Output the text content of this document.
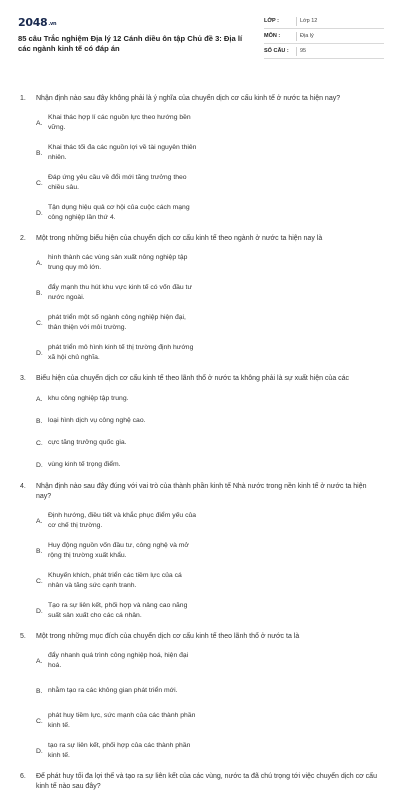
2048.vn
85 câu Trắc nghiệm Địa lý 12 Cánh diều ôn tập Chủ đề 3: Địa lí các ngành kinh tế có đáp án
LỚP :	Lớp 12
MÔN :	Địa lý
SỐ CÂU :	95
1.	Nhận định nào sau đây không phải là ý nghĩa của chuyển dịch cơ cấu kinh tế ở nước ta hiện nay?
A.
Khai thác hợp lí các nguồn lực theo hướng bền vững.
B.
Khai thác tối đa các nguồn lợi về tài nguyên thiên nhiên.
C.
Đáp ứng yêu cầu về đổi mới tăng trưởng theo chiều sâu.
D.
Tận dụng hiệu quả cơ hội của cuộc cách mạng công nghiệp lần thứ 4.
2.	Một trong những biểu hiện của chuyển dịch cơ cấu kinh tế theo ngành ở nước ta hiện nay là
A.
hình thành các vùng sản xuất nông nghiệp tập trung quy mô lớn.
B.
đẩy mạnh thu hút khu vực kinh tế có vốn đầu tư nước ngoài.
C.
phát triển một số ngành công nghiệp hiện đại, thân thiện với môi trường.
D.
phát triển mô hình kinh tế thị trường định hướng xã hội chủ nghĩa.
3.	Biểu hiện của chuyển dịch cơ cấu kinh tế theo lãnh thổ ở nước ta không phải là sự xuất hiện của các
A. khu công nghiệp tập trung.
B. loại hình dịch vụ công nghệ cao.
C. cực tăng trưởng quốc gia.
D. vùng kinh tế trọng điểm.
4.	Nhận định nào sau đây đúng với vai trò của thành phần kinh tế Nhà nước trong nền kinh tế ở nước ta hiện nay?
A.
Định hướng, điều tiết và khắc phục điểm yếu của cơ chế thị trường.
B.
Huy động nguồn vốn đầu tư, công nghệ và mở rộng thị trường xuất khẩu.
C.
Khuyến khích, phát triển các tiềm lực của cá nhân và tăng sức cạnh tranh.
D.
Tạo ra sự liên kết, phối hợp và nâng cao năng suất sản xuất cho các cá nhân.
5.	Một trong những mục đích của chuyển dịch cơ cấu kinh tế theo lãnh thổ ở nước ta là
A.
đẩy nhanh quá trình công nghiệp hoá, hiện đại hoá.
B. nhằm tạo ra các không gian phát triển mới.
C.
phát huy tiềm lực, sức mạnh của các thành phần kinh tế.
D.
tạo ra sự liên kết, phối hợp của các thành phần kinh tế.
6.	Để phát huy tối đa lợi thế và tạo ra sự liên kết của các vùng, nước ta đã chú trọng tới việc chuyển dịch cơ cấu kinh tế nào sau đây?
